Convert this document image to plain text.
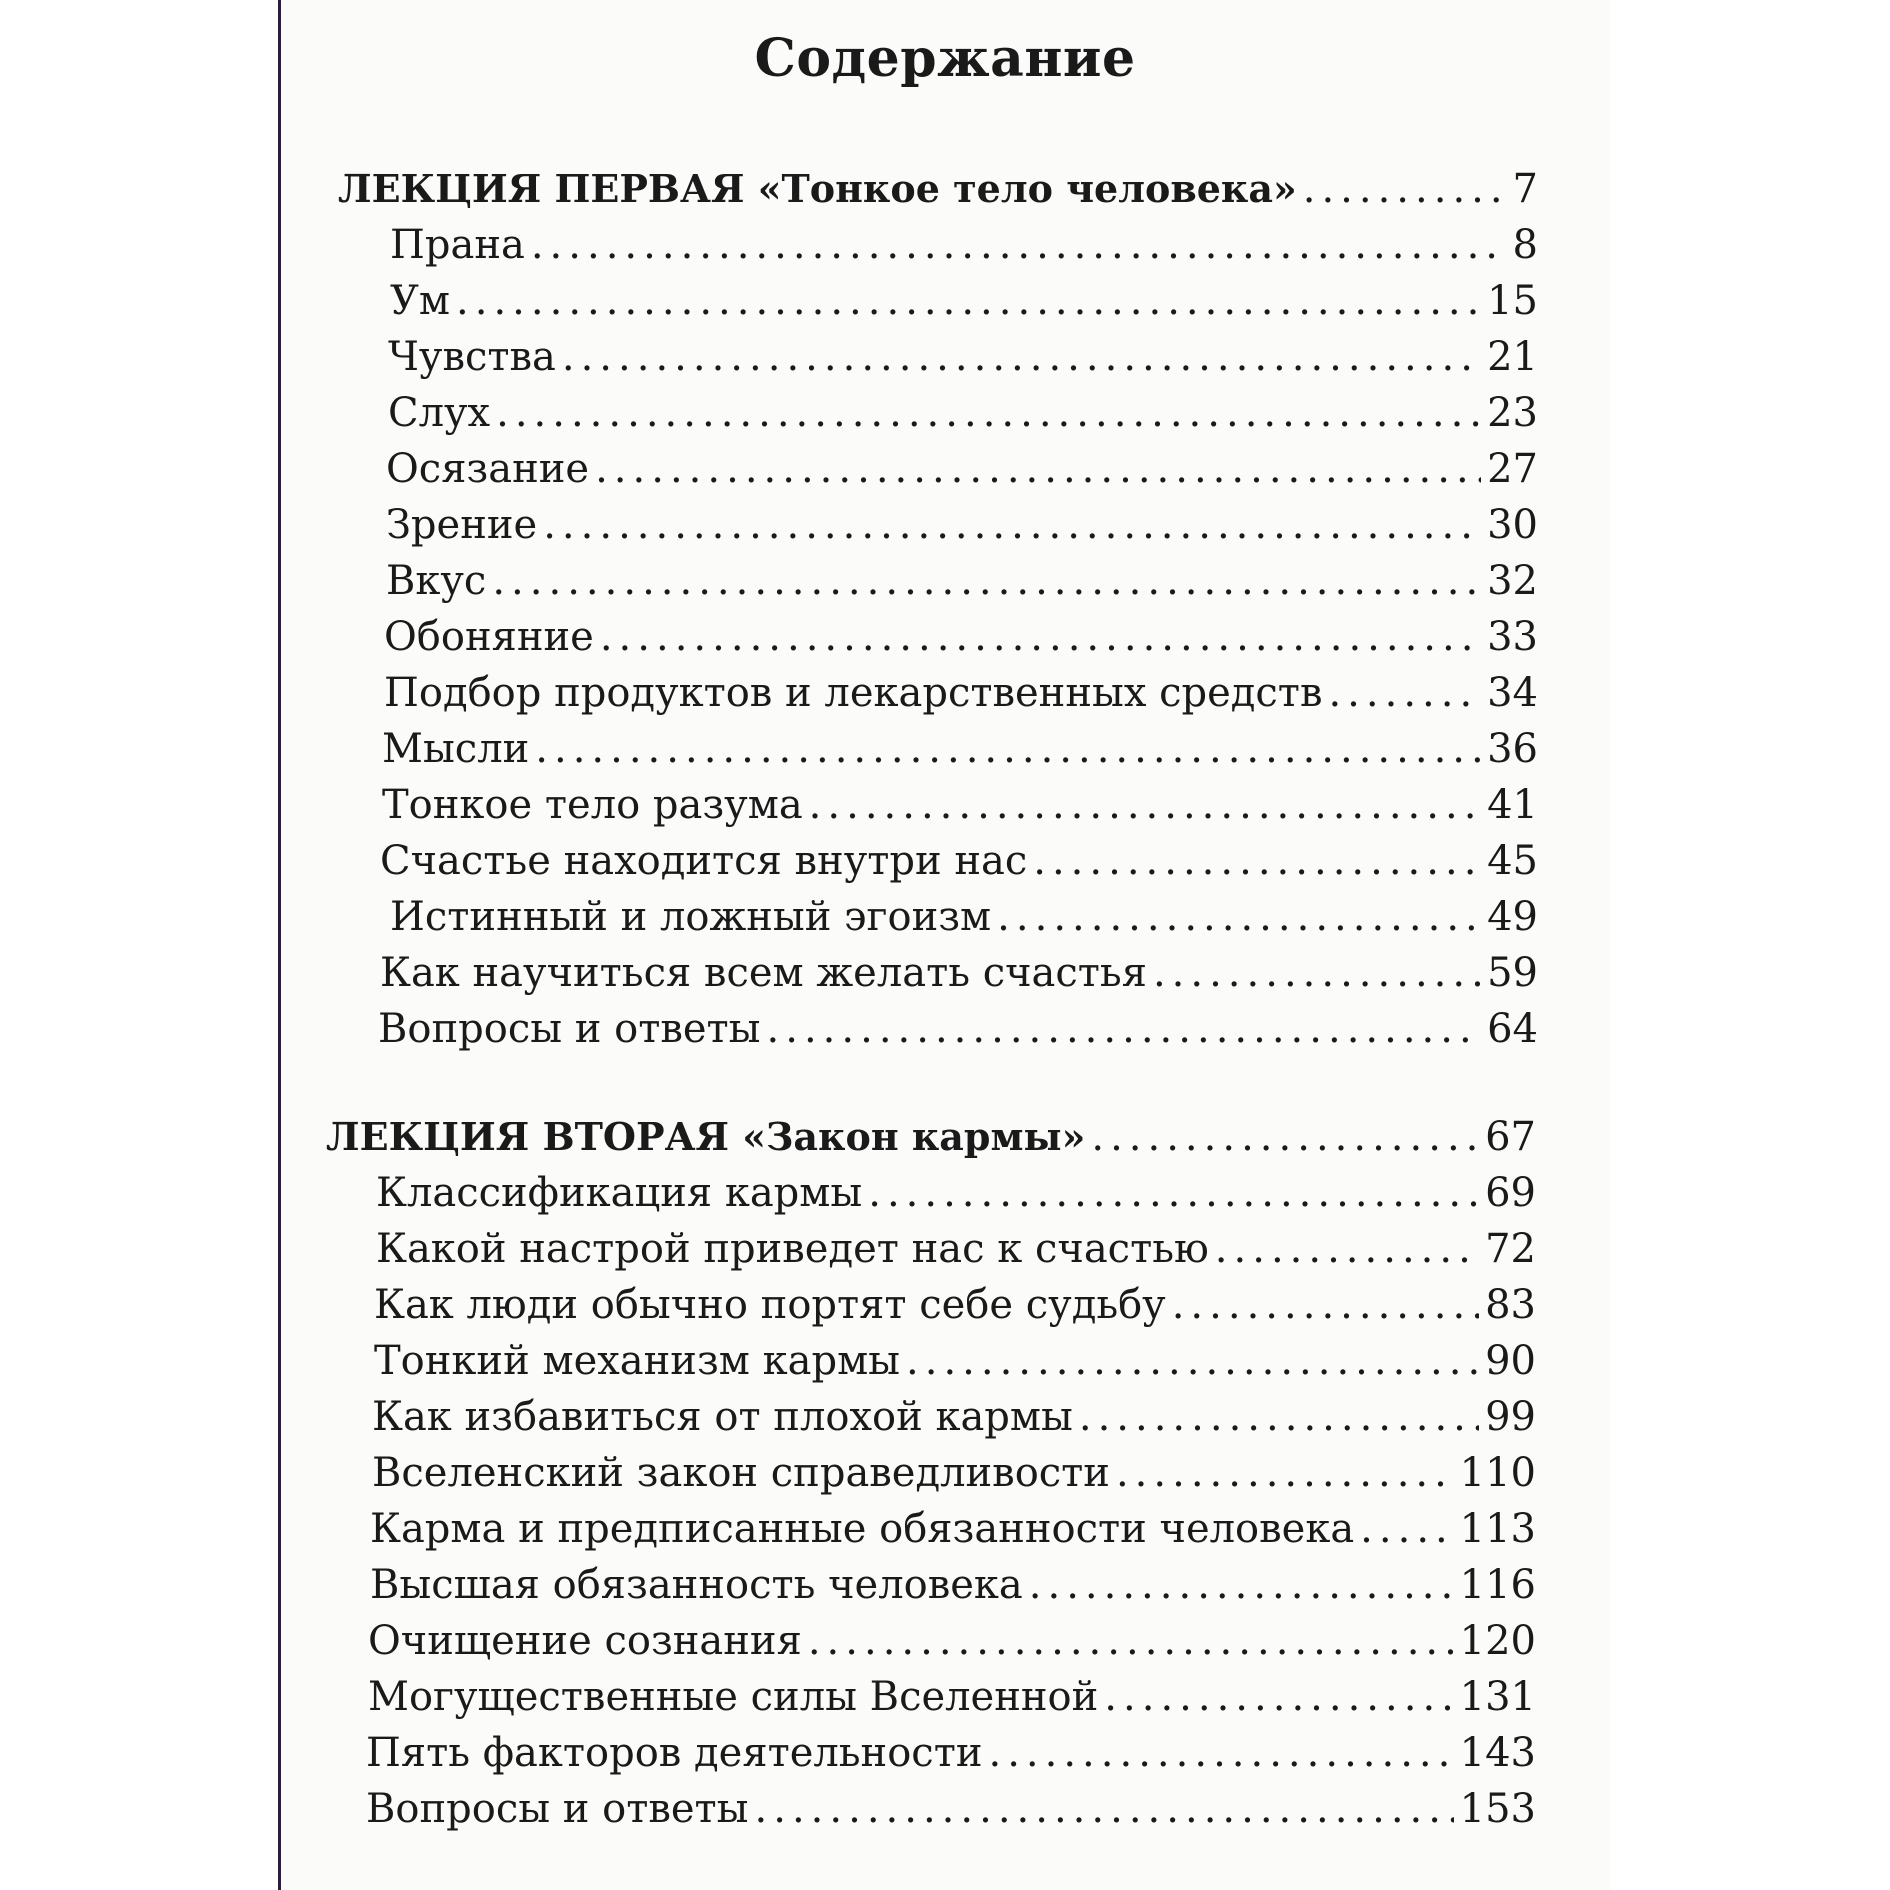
Содержание
ЛЕКЦИЯ ПЕРВАЯ «Тонкое тело человека» .....	7
Прана .....	8
Ум .....	15
Чувства .....	21
Слух .....	23
Осязание .....	27
Зрение .....	30
Вкус .....	32
Обоняние .....	33
Подбор продуктов и лекарственных средств .....	34
Мысли .....	36
Тонкое тело разума .....	41
Счастье находится внутри нас .....	45
Истинный и ложный эгоизм .....	49
Как научиться всем желать счастья .....	59
Вопросы и ответы .....	64
ЛЕКЦИЯ ВТОРАЯ «Закон кармы» .....	67
Классификация кармы .....	69
Какой настрой приведет нас к счастью .....	72
Как люди обычно портят себе судьбу .....	83
Тонкий механизм кармы .....	90
Как избавиться от плохой кармы .....	99
Вселенский закон справедливости .....	110
Карма и предписанные обязанности человека .....	113
Высшая обязанность человека .....	116
Очищение сознания .....	120
Могущественные силы Вселенной .....	131
Пять факторов деятельности .....	143
Вопросы и ответы .....	153
